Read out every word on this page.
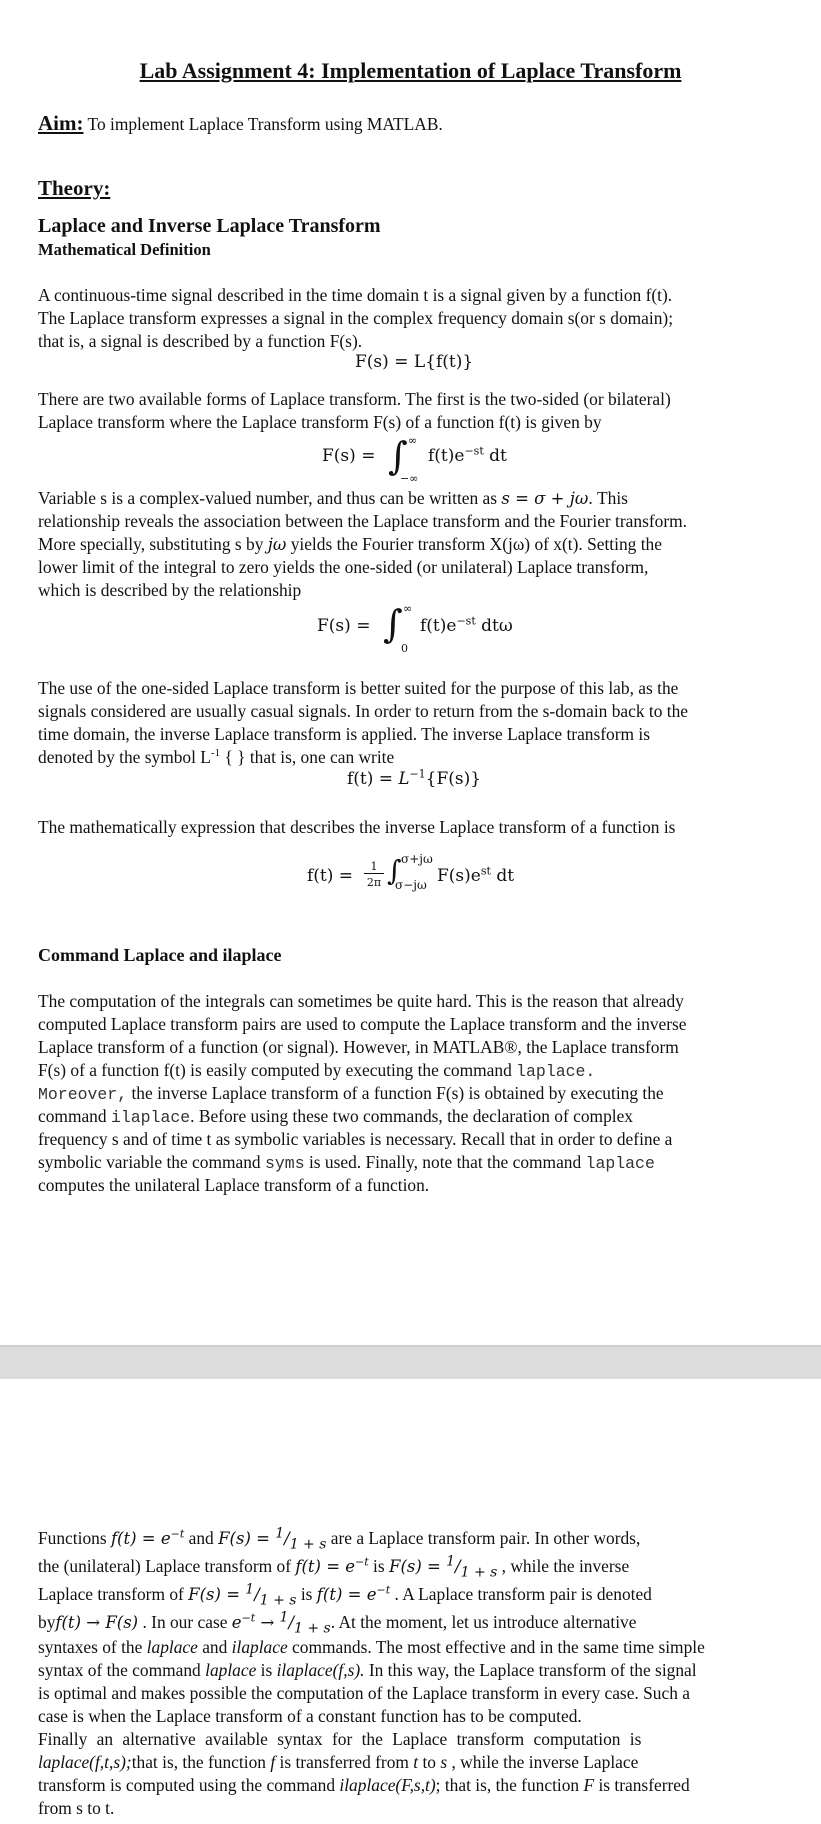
Lab Assignment 4: Implementation of Laplace Transform
Aim: To implement Laplace Transform using MATLAB.
Theory:
Laplace and Inverse Laplace Transform
Mathematical Definition
A continuous-time signal described in the time domain t is a signal given by a function f(t).
The Laplace transform expresses a signal in the complex frequency domain s(or s domain);
that is, a signal is described by a function F(s).
F(s) = L{f(t)}
There are two available forms of Laplace transform. The first is the two-sided (or bilateral)
Laplace transform where the Laplace transform F(s) of a function f(t) is given by
F(s) = ∫ ∞
−∞
$f(t)e^{-st}$ dt
Variable s is a complex-valued number, and thus can be written as s = σ + jω. This
relationship reveals the association between the Laplace transform and the Fourier transform.
More specially, substituting s by jω yields the Fourier transform X(jω) of x(t). Setting the
lower limit of the integral to zero yields the one-sided (or unilateral) Laplace transform,
which is described by the relationship
F(s) = ∫ ∞
0
$f(t)e^{-st}$ dtω
The use of the one-sided Laplace transform is better suited for the purpose of this lab, as the
signals considered are usually casual signals. In order to return from the s-domain back to the
time domain, the inverse Laplace transform is applied. The inverse Laplace transform is
denoted by the symbol $L^{-1}$ { } that is, one can write
$f(t) = L^{-1}\{F(s)\}$
The mathematically expression that describes the inverse Laplace transform of a function is
f(t) =	1
2π ∫ σ+jω
σ−jω $F(s)e^{st}$ dt
Command Laplace and ilaplace
The computation of the integrals can sometimes be quite hard. This is the reason that already
computed Laplace transform pairs are used to compute the Laplace transform and the inverse
Laplace transform of a function (or signal). However, in MATLAB®, the Laplace transform
F(s) of a function f(t) is easily computed by executing the command laplace.
Moreover, the inverse Laplace transform of a function F(s) is obtained by executing the
command ilaplace. Before using these two commands, the declaration of complex
frequency s and of time t as symbolic variables is necessary. Recall that in order to define a
symbolic variable the command syms is used. Finally, note that the command laplace
computes the unilateral Laplace transform of a function.
Functions $f(t) = e^{-t}$ and $F(s) = ^1/_{1 + s}$ are a Laplace transform pair. In other words,
the (unilateral) Laplace transform of $f(t) = e^{-t}$ is $F(s) = ^1/_{1 + s}$ , while the inverse
Laplace transform of $F(s) = ^1/_{1 + s}$ is $f(t) = e^{-t}$ . A Laplace transform pair is denoted
byf(t) → F(s) . In our case $e^{-t} \to ^1/_{1 + s}$. At the moment, let us introduce alternative
syntaxes of the laplace and ilaplace commands. The most effective and in the same time simple
syntax of the command laplace is ilaplace(f,s). In this way, the Laplace transform of the signal
is optimal and makes possible the computation of the Laplace transform in every case. Such a
case is when the Laplace transform of a constant function has to be computed.
Finally an alternative available syntax for the Laplace transform computation is
laplace(f,t,s);that is, the function f is transferred from t to s , while the inverse Laplace
transform is computed using the command ilaplace(F,s,t); that is, the function F is transferred
from s to t.
